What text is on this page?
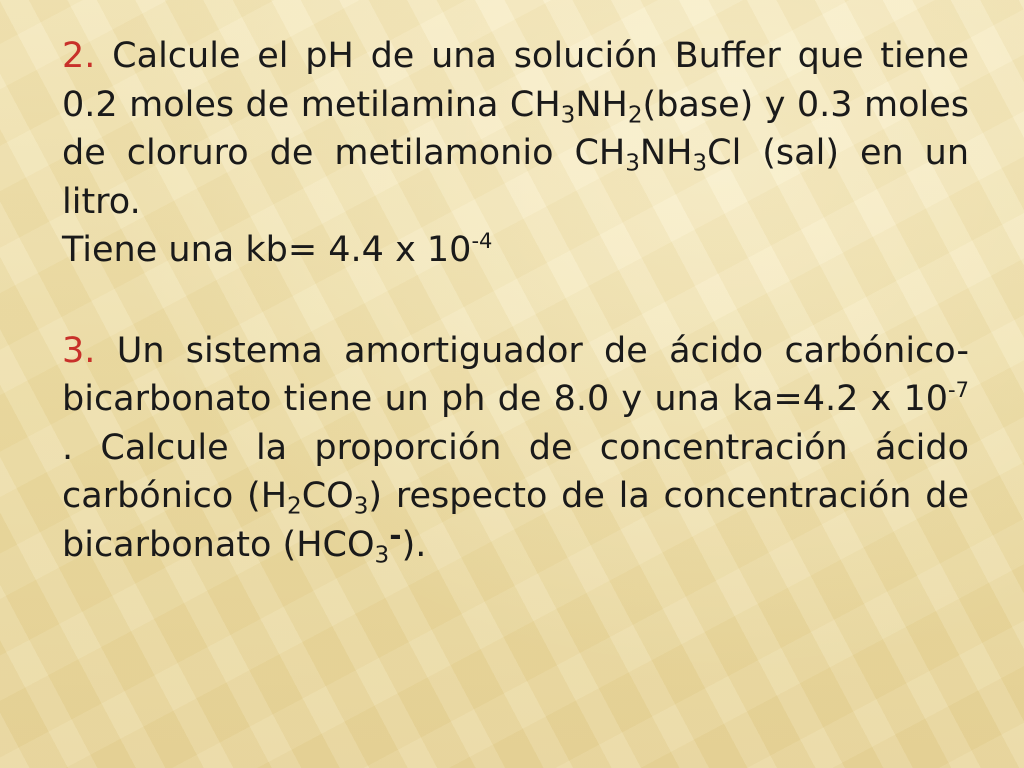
2. Calcule el pH de una solución Buffer que tiene 0.2 moles de metilamina $CH_3NH_2(base)$ y 0.3 moles de cloruro de metilamonio $CH_3NH_3Cl$ (sal) en un litro.

Tiene una kb= 4.4 x $10^{-4}$

3. Un sistema amortiguador de ácido carbónico-bicarbonato tiene un ph de 8.0 y una ka=4.2 x $10^{-7}$ . Calcule la proporción de concentración ácido carbónico $(H_2CO_3)$ respecto de la concentración de bicarbonato $(HCO_3^-)$.
